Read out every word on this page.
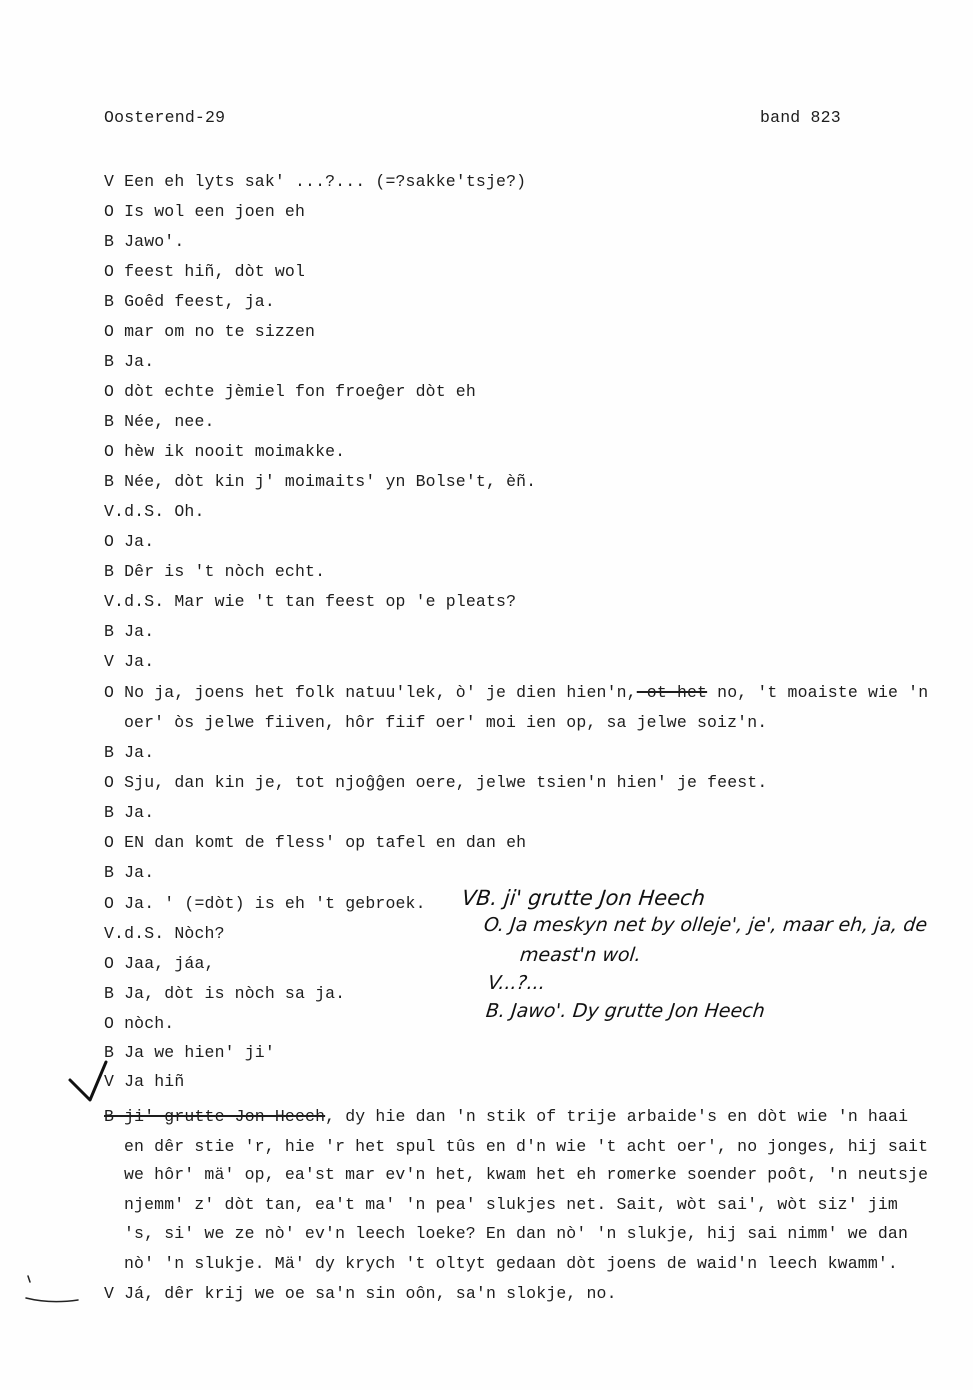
Oosterend-29	band 823
V Een eh lyts sak' ...?... (=?sakke'tsje?)
O Is wol een joen eh
B Jawo'.
O feest hiñ, dòt wol
B Goêd feest, ja.
O mar om no te sizzen
B Ja.
O dòt echte jèmiel fon froeĝer dòt eh
B Née, nee.
O hèw ik nooit moimakke.
B Née, dòt kin j' moimaits' yn Bolse't, èñ.
V.d.S. Oh.
O Ja.
B Dêr is 't nòch echt.
V.d.S. Mar wie 't tan feest op 'e pleats?
B Ja.
V Ja.
O No ja, joens het folk natuu'lek, ò' je dien hien'n, ot het no, 't moaiste wie 'n
oer' òs jelwe fiiven, hôr fiif oer' moi ien op, sa jelwe soiz'n.
B Ja.
O Sju, dan kin je, tot njoĝĝen oere, jelwe tsien'n hien' je feest.
B Ja.
O EN dan komt de fless' op tafel en dan eh
B Ja.
O Ja. ' (=dòt) is eh 't gebroek.
V.d.S. Nòch?
O Jaa, jáa,
B Ja, dòt is nòch sa ja.
O nòch.
B Ja we hien' ji'
V Ja hiñ
B ji' grutte Jon Heech, dy hie dan 'n stik of trije arbaide's en dòt wie 'n haai
en dêr stie 'r, hie 'r het spul tûs en d'n wie 't acht oer', no jonges, hij sait
we hôr' mä' op, ea'st mar ev'n het, kwam het eh romerke soender poôt, 'n neutsje
njemm' z' dòt tan, ea't ma' 'n pea' slukjes net. Sait, wòt sai', wòt siz' jim
's, si' we ze nò' ev'n leech loeke? En dan nò' 'n slukje, hij sai nimm' we dan
nò' 'n slukje. Mä' dy krych 't oltyt gedaan dòt joens de waid'n leech kwamm'.
V Já, dêr krij we oe sa'n sin oôn, sa'n slokje, no.
VB. ji' grutte Jon Heech
O. Ja meskyn net by olleje', je', maar eh, ja, de
meast'n wol.
V...?...
B. Jawo'. Dy grutte Jon Heech
